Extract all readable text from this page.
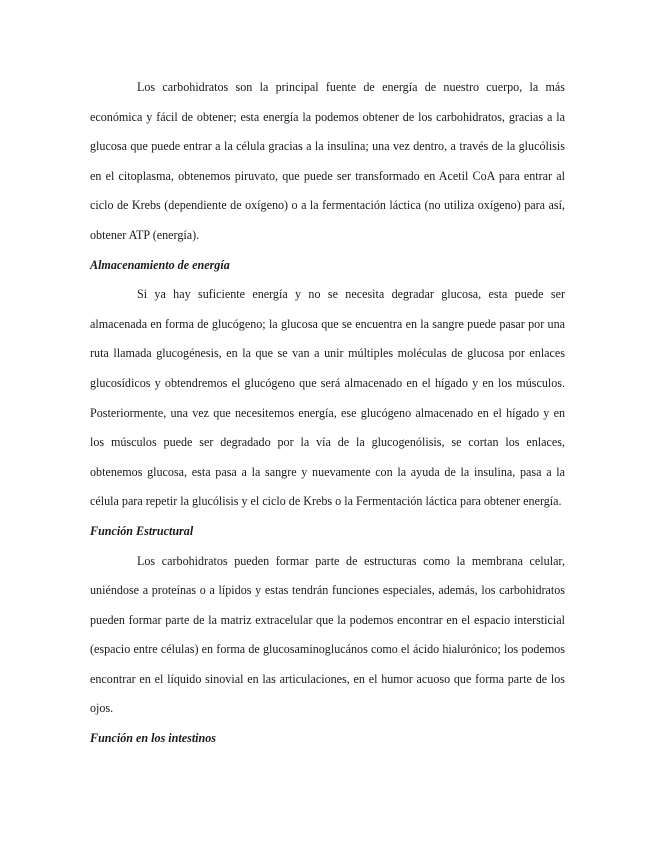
Los carbohidratos son la principal fuente de energía de nuestro cuerpo, la más económica y fácil de obtener; esta energía la podemos obtener de los carbohidratos, gracias a la glucosa que puede entrar a la célula gracias a la insulina; una vez dentro, a través de la glucólisis en el citoplasma, obtenemos piruvato, que puede ser transformado en Acetil CoA para entrar al ciclo de Krebs (dependiente de oxígeno) o a la fermentación láctica (no utiliza oxígeno) para así, obtener ATP (energía).

Almacenamiento de energía

Si ya hay suficiente energía y no se necesita degradar glucosa, esta puede ser almacenada en forma de glucógeno; la glucosa que se encuentra en la sangre puede pasar por una ruta llamada glucogénesis, en la que se van a unir múltiples moléculas de glucosa por enlaces glucosídicos y obtendremos el glucógeno que será almacenado en el hígado y en los músculos. Posteriormente, una vez que necesitemos energía, ese glucógeno almacenado en el hígado y en los músculos puede ser degradado por la vía de la glucogenólisis, se cortan los enlaces, obtenemos glucosa, esta pasa a la sangre y nuevamente con la ayuda de la insulina, pasa a la célula para repetir la glucólisis y el ciclo de Krebs o la Fermentación láctica para obtener energía.

Función Estructural

Los carbohidratos pueden formar parte de estructuras como la membrana celular, uniéndose a proteínas o a lípidos y estas tendrán funciones especiales, además, los carbohidratos pueden formar parte de la matriz extracelular que la podemos encontrar en el espacio intersticial (espacio entre células) en forma de glucosaminoglucános como el ácido hialurónico; los podemos encontrar en el líquido sinovial en las articulaciones, en el humor acuoso que forma parte de los ojos.

Función en los intestinos
